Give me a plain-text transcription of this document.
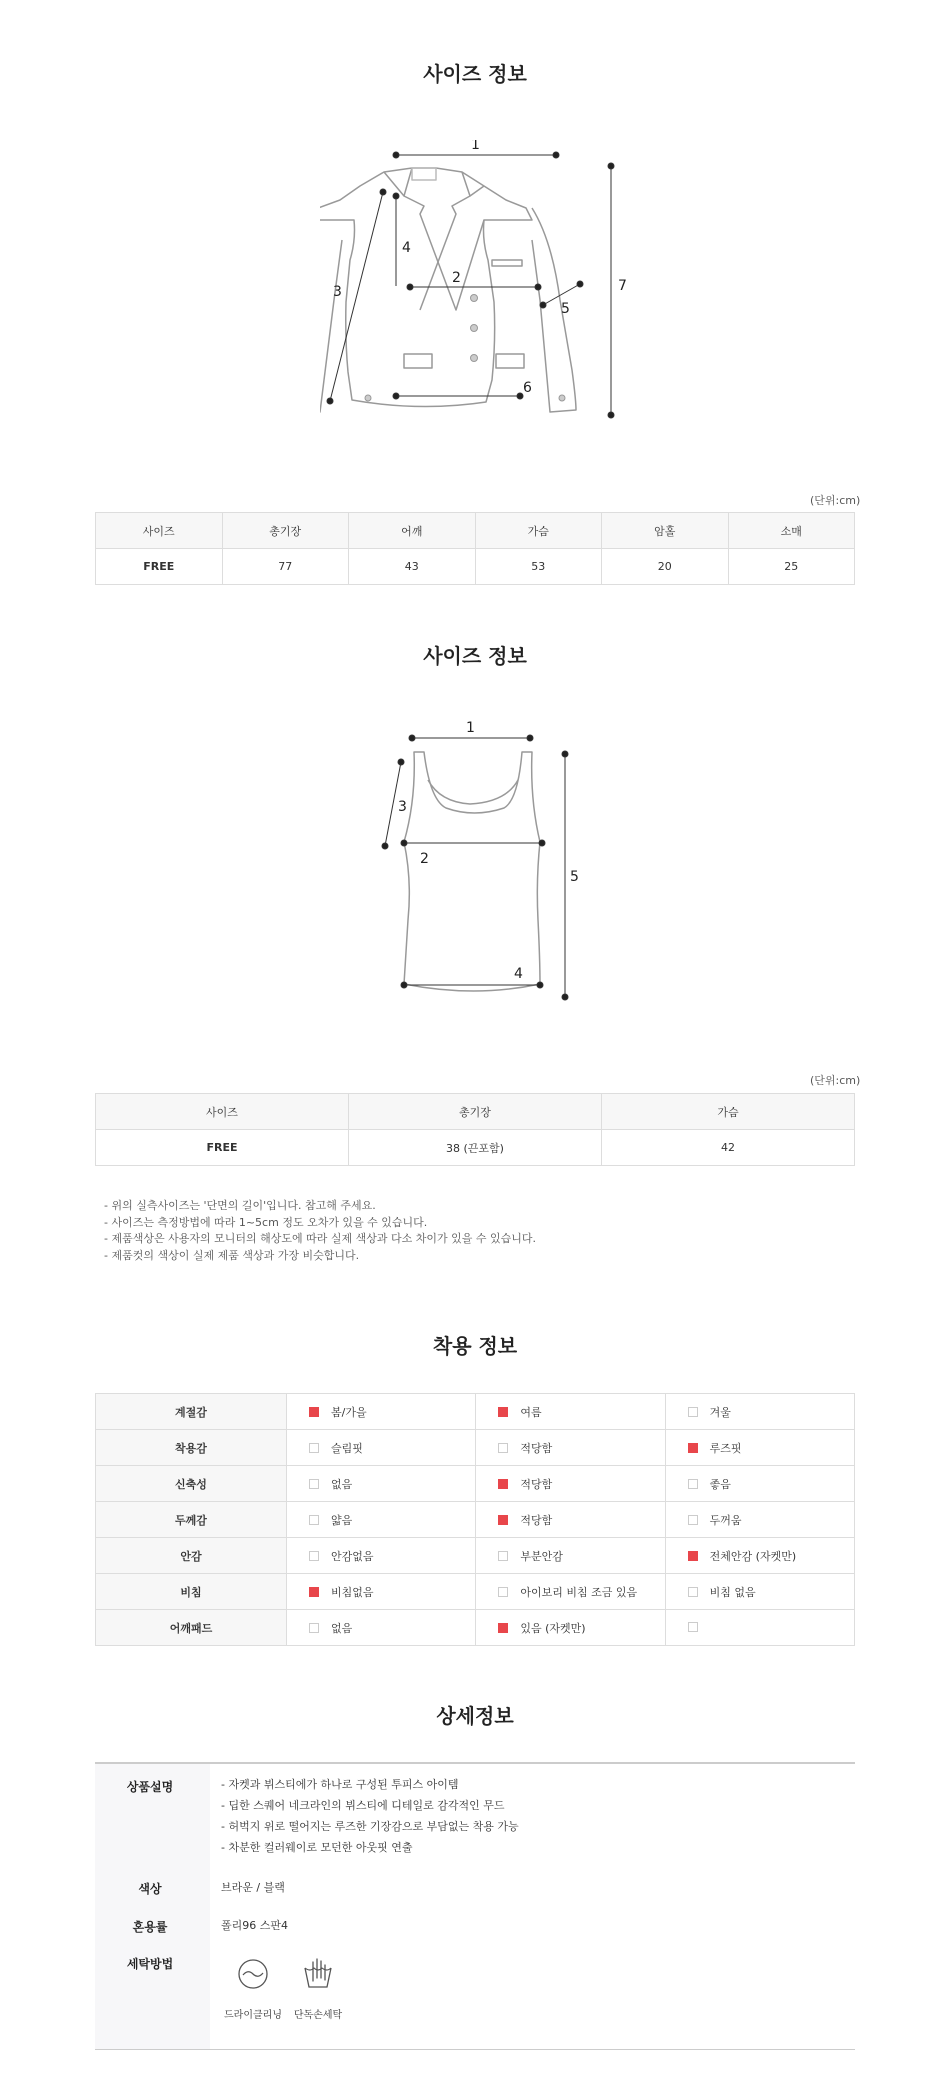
사이즈 정보
1
2
3
4
5
6
7
(단위:cm)
사이즈	총기장	어깨	가슴	암홀	소매
FREE	77	43	53	20	25
사이즈 정보
1
2
3
4
5
(단위:cm)
사이즈	총기장	가슴
FREE	38 (끈포함)	42
- 위의 실측사이즈는 '단면의 길이'입니다. 참고해 주세요.
- 사이즈는 측정방법에 따라 1~5cm 정도 오차가 있을 수 있습니다.
- 제품색상은 사용자의 모니터의 해상도에 따라 실제 색상과 다소 차이가 있을 수 있습니다.
- 제품컷의 색상이 실제 제품 색상과 가장 비슷합니다.
착용 정보
계절감	봄/가을	여름	겨울
착용감	슬림핏	적당함	루즈핏
신축성	없음	적당함	좋음
두께감	얇음	적당함	두꺼움
안감	안감없음	부분안감	전체안감 (자켓만)
비침	비침없음	아이보리 비침 조금 있음	비침 없음
어깨패드	없음	있음 (자켓만)	
상세정보
상품설명	- 자켓과 뷔스티에가 하나로 구성된 투피스 아이템
- 딥한 스퀘어 네크라인의 뷔스티에 디테일로 감각적인 무드
- 허벅지 위로 떨어지는 루즈한 기장감으로 부담없는 착용 가능
- 차분한 컬러웨이로 모던한 아웃핏 연출
색상	브라운 / 블랙
혼용률	폴리96 스판4
세탁방법
드라이클리닝	단독손세탁
